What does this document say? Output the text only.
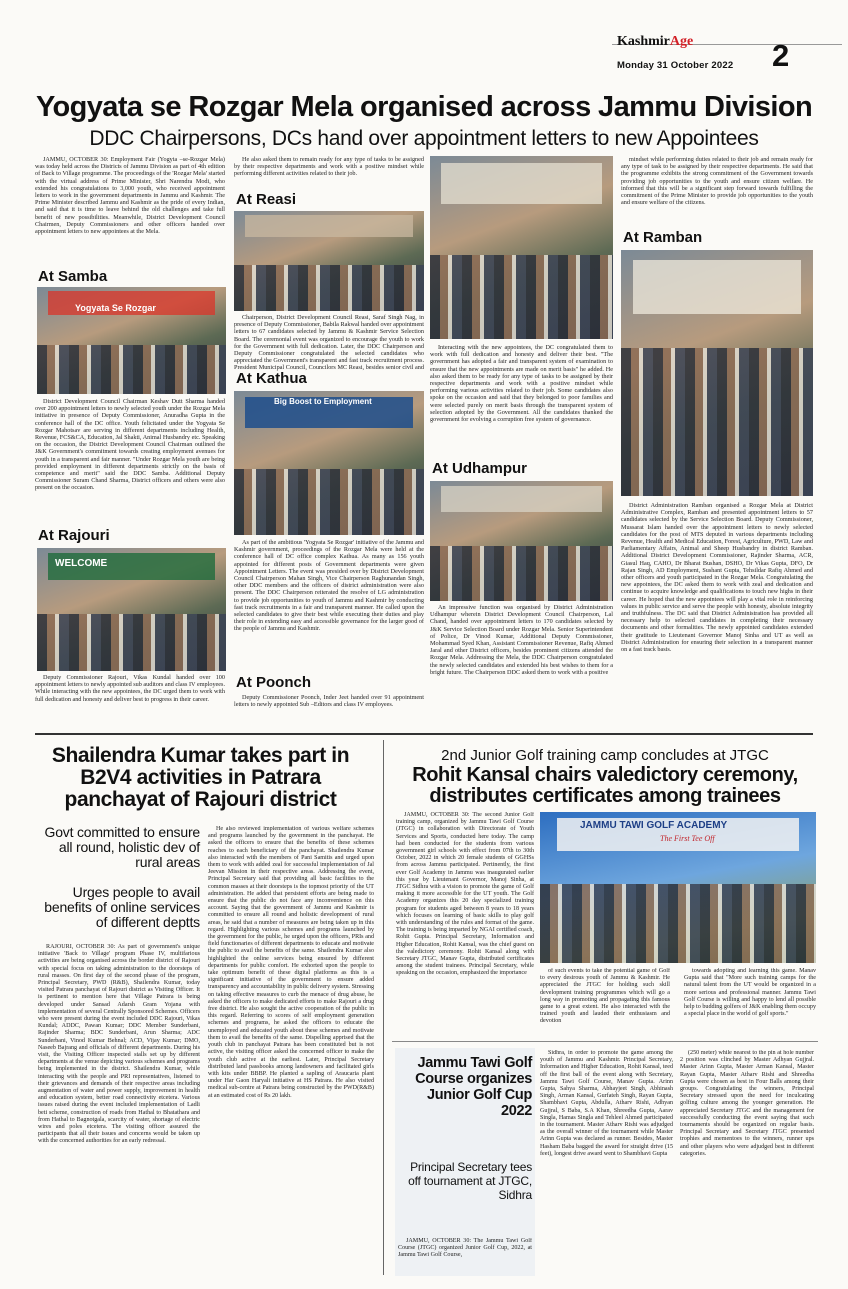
KashmirAge
Monday 31 October 2022 2
Yogyata se Rozgar Mela organised across Jammu Division
DDC Chairpersons, DCs hand over appointment letters to new Appointees

JAMMU, OCTOBER 30: Employment Fair (Yogyta –se-Rozgar Mela) was today held across the Districts of Jammu Division as part of 4th edition of Back to Village programme. The proceedings of the 'Rozgar Mela' started with the virtual address of Prime Minister, Shri Narendra Modi, who extended his congratulations to 3,000 youth, who received appointment letters to work in the government departments in Jammu and Kashmir. The Prime Minister described Jammu and Kashmir as the pride of every Indian, and said that it is time to leave behind the old challenges and take full benefit of new possibilities. Meanwhile, District Development Council Chairmen, Deputy Commissioners and other officers handed over appointment letters to new appointees at the Mela.

At Samba
Yogyata Se Rozgar

District Development Council Chairman Keshav Dutt Sharma handed over 200 appointment letters to newly selected youth under the Rozgar Mela initiative in presence of Deputy Commissioner, Anuradha Gupta in the conference hall of the DC office. Youth felicitated under the Yogyata Se Rozgar Mahotsav are serving in different departments including Health, Revenue, FCS&CA, Education, Jal Shakti, Animal Husbandry etc. Speaking on the occasion, the District Development Council Chairman outlined the J&K Government's commitment towards creating employment avenues for youth in a transparent and fair manner. "Under Rozgar Mela youth are being provided employment in different departments strictly on the basis of competence and merit" said the DDC Samba. Additional Deputy Commissioner Suram Chand Sharma, District officers and others were also present on the occasion.

At Rajouri
WELCOME

Deputy Commissioner Rajouri, Vikas Kundal handed over 100 appointment letters to newly appointed sub auditors and class IV employees. While interacting with the new appointees, the DC urged them to work with full dedication and honesty and deliver best to progress in their career.

He also asked them to remain ready for any type of tasks to be assigned by their respective departments and work with a positive mindset while performing different activities related to their job.

At Reasi

Chairperson, District Development Council Reasi, Saraf Singh Nag, in presence of Deputy Commissioner, Babila Rakwal handed over appointment letters to 67 candidates selected by Jammu & Kashmir Service Selection Board. The ceremonial event was organized to encourage the youth to work for the Government with full dedication. Later, the DDC Chairperson and Deputy Commissioner congratulated the selected candidates who appreciated the Government's transparent and fast track recruitment process. President Municipal Council, Councilors MC Reasi, besides senior civil and

At Kathua
Big Boost to Employment

As part of the ambitious 'Yogyata Se Rozgar' initiative of the Jammu and Kashmir government, proceedings of the Rozgar Mela were held at the conference hall of DC office complex Kathua. As many as 156 youth appointed for different posts of Government departments were given Appointment Letters. The event was presided over by District Development Council Chairperson Mahan Singh, Vice Chairperson Raghunandan Singh, other DDC members and the officers of district administration were also present. The DDC Chairperson reiterated the resolve of LG administration to provide job opportunities to youth of Jammu and Kashmir by conducting fast track recruitments in a fair and transparent manner. He called upon the selected candidates to give their best while executing their duties and play their role in extending easy and accessible governance for the larger good of the people of Jammu and Kashmir.

At Poonch

Deputy Commissioner Poonch, Inder Jeet handed over 91 appointment letters to newly appointed Sub –Editors and class IV employees.

Interacting with the new appointees, the DC congratulated them to work with full dedication and honesty and deliver their best. "The government has adopted a fair and transparent system of examination to ensure that the new appointments are made on merit basis" he added. He also asked them to be ready for any type of tasks to be assigned by their respective departments and work with a positive mindset while performing various activities related to their job. Some candidates also spoke on the occasion and said that they belonged to poor families and were selected purely on merit basis through the transparent system of selection adopted by the Government. All the candidates thanked the government for evolving a corruption free system of governance.

At Udhampur

An impressive function was organised by District Administration Udhampur wherein District Development Council Chairperson, Lal Chand, handed over appointment letters to 170 candidates selected by J&K Service Selection Board under Rozgar Mela. Senior Superintendent of Police, Dr Vinod Kumar, Additional Deputy Commissioner, Mohammad Syed Khan, Assistant Commissioner Revenue, Rafiq Ahmed Jaral and other District officers, besides prominent citizens attended the Rozgar Mela. Addressing the Mela, the DDC Chairperson congratulated the newly selected candidates and extended his best wishes to them for a bright future. The Chairperson DDC asked them to work with a positive

mindset while performing duties related to their job and remain ready for any type of task to be assigned by their respective departments. He said that the programme exhibits the strong commitment of the Government towards providing job opportunities to the youth and ensure citizen welfare. He informed that this will be a significant step forward towards fulfilling the commitment of the Prime Minister to provide job opportunities to the youth and ensure welfare of the citizens.

At Ramban

District Administration Ramban organised a Rozgar Mela at District Administrative Complex, Ramban and presented appointment letters to 57 candidates selected by the Service Selection Board. Deputy Commissioner, Mussarat Islam handed over the appointment letters to newly selected candidates for the post of MTS deputed in various departments including Revenue, Health and Medical Education, Forest, Agriculture, PWD, Law and Parliamentary Affairs, Animal and Sheep Husbandry in district Ramban. Additional District Development Commissioner, Rajinder Sharma, ACR, Giasul Haq, CAHO, Dr Bharat Bushan, DSHO, Dr Vikas Gupta, DFO, Dr Rajan Singh, AD Employment, Sushant Gupta, Tehsildar Rafiq Ahmed and other officers and youth participated in the Rozgar Mela. Congratulating the new appointees, the DC asked them to work with zeal and dedication and continue to acquire knowledge and qualifications to touch new highs in their career. He hoped that the new appointees will play a vital role in reinforcing values in public service and serve the people with honesty, absolute integrity and truthfulness. The DC said that District Administration has provided all necessary help to selected candidates in completing their necessary documents and other formalities. The newly appointed candidates extended their gratitude to Lieutenant Governor Manoj Sinha and UT as well as District Administration for ensuring their selection in a transparent manner on a fast track basis.

Shailendra Kumar takes part in B2V4 activities in Patrara panchayat of Rajouri district
Govt committed to ensure all round, holistic dev of rural areas
Urges people to avail benefits of online services of different deptts

RAJOURI, OCTOBER 30: As part of government's unique initiative 'Back to Village' program Phase IV, multifarious activities are being organised across the border district of Rajouri with special focus on taking administration to the doorsteps of rural masses. On first day of the second phase of the program, Principal Secretary, PWD (R&B), Shailendra Kumar, today visited Patrara panchayat of Rajouri district as Visiting Officer. It is pertinent to mention here that Village Patrara is being developed under Sansad Adarsh Gram Yojana with implementation of several Centrally Sponsored Schemes. Officers who were present during the event included DDC Rajouri, Vikas Kundal; ADDC, Pawan Kumar; DDC Member Sunderbani, Rajinder Sharma; BDC Sunderbani, Arun Sharma; ADC Sunderbani, Vinod Kumar Behnal; ACD, Vijay Kumar; DMO, Naseeb Bajrang and officials of different departments. During his visit, the Visiting Officer inspected stalls set up by different departments at the venue depicting various schemes and programs being implemented in the district. Shailendra Kumar, while interacting with the people and PRI representatives, listened to their grievances and demands of their respective areas including augmentation of water and power supply, improvement in health and education system, better road connectivity etcetera. Various issues raised during the event included implementation of Ladli beti scheme, construction of roads from Hathal to Bhatathara and from Hathal to Bagnotgala, scarcity of water, shortage of electric wires and poles etcetera. The visiting officer assured the participants that all their issues and concerns would be taken up with the concerned authorities for an early redressal.

He also reviewed implementation of various welfare schemes and programs launched by the government in the panchayat. He asked the officers to ensure that the benefits of these schemes reaches to each beneficiary of the panchayat. Shailendra Kumar also interacted with the members of Pani Samitis and urged upon them to work with added zeal for successful implementation of Jal Jeevan Mission in their respective areas. Addressing the event, Principal Secretary said that providing all basic facilities to the common masses at their doorsteps is the topmost priority of the UT administration. He added that persistent efforts are being made to ensure that the public do not face any inconvenience on this account. Saying that the government of Jammu and Kashmir is committed to ensure all round and holistic development of rural areas, he said that a number of measures are being taken up in this regard. Highlighting various schemes and programs launched by the government for the public, he urged upon the officers, PRIs and field functionaries of different departments to educate and motivate the public to avail the benefits of the same. Shailendra Kumar also highlighted the online services being ensured by different departments for public comfort. He exhorted upon the people to take optimum benefit of these digital platforms as this is a significant initiative of the government to ensure added transparency and accountability in public delivery system. Stressing on taking effective measures to curb the menace of drug abuse, he asked the officers to make dedicated efforts to make Rajouri a drug free district. He also sought the active cooperation of the public in this regard. Referring to scores of self employment generation schemes and programs, he asked the officers to educate the unemployed and educated youth about these schemes and motivate them to avail the benefits of the same. Dispelling apprised that the youth club in panchayat Patrara has been constituted but is not active, the visiting officer asked the concerned officer to make the youth club active at the earliest. Later, Principal Secretary distributed land passbooks among landowners and facilitated girls with kits under BBBP. He planted a sapling of Araucaria plant under Har Gaon Haryali initiative at HS Patrara. He also visited medical sub-centre at Patrara being constructed by the PWD(R&B) at an estimated cost of Rs 20 lakh.

2nd Junior Golf training camp concludes at JTGC
Rohit Kansal chairs valedictory ceremony, distributes certificates among trainees

JAMMU, OCTOBER 30: The second Junior Golf training camp, organized by Jammu Tawi Golf Course (JTGC) in collaboration with Directorate of Youth Services and Sports, conducted here today. The camp had been conducted for the students from various government girl schools with effect from 07th to 30th October, 2022 in which 20 female students of GGHSs from across Jammu participated. Pertinently, the first ever Golf Academy in Jammu was inaugurated earlier this year by Lieutenant Governor, Manoj Sinha, at JTGC Sidhra with a vision to promote the game of Golf making it more accessible for the UT youth. The Golf Academy organizes this 20 day specialized training program for students aged between 8 years to 18 years which focuses on learning of basic skills to play golf with understanding of the rules and format of the game. The training is being imparted by NGAI certified coach, Rohit Gupta. Principal Secretary, Information and Higher Education, Rohit Kansal, was the chief guest on the valedictory ceremony. Rohit Kansal along with Secretary JTGC, Manav Gupta, distributed certificates among the student trainees. Principal Secretary, while speaking on the occasion, emphasized the importance

JAMMU TAWI GOLF ACADEMY
The First Tee Off

of such events to take the potential game of Golf to every desirous youth of Jammu & Kashmir. He appreciated the JTGC for holding such skill development training programmes which will go a long way in promoting and propagating this famous game to a great extent. He also interacted with the trained youth and lauded their enthusiasm and devotion

towards adopting and learning this game. Manav Gupta said that "More such training camps for the natural talent from the UT would be organized in a more serious and professional manner. Jammu Tawi Golf Course is willing and happy to lend all possible help to budding golfers of J&K enabling them occupy a special place in the world of golf sports."

Jammu Tawi Golf Course organizes Junior Golf Cup 2022
Principal Secretary tees off tournament at JTGC, Sidhra

JAMMU, OCTOBER 30: The Jammu Tawi Golf Course (JTGC) organized Junior Golf Cup, 2022, at Jammu Tawi Golf Course,

Sidhra, in order to promote the game among the youth of Jammu and Kashmir. Principal Secretary, Information and Higher Education, Rohit Kansal, teed off the first ball of the event along with Secretary, Jammu Tawi Golf Course, Manav Gupta. Arinn Gupta, Sahya Sharma, Abhayjeet Singh, Abhinash Singh, Arman Kansal, Gurfateh Singh, Rayan Gupta, Shambhavi Gupta, Abdulla, Atharv Rishi, Adhyan Gujjral, S Baba, S.A Khan, Shreedha Gupta, Aarav Singla, Hamas Singla and Tehleel Ahmed participated in the tournament. Master Atharv Rishi was adjudged as the overall winner of the tournament while Master Arinn Gupta was declared as runner. Besides, Master Hasham Baba bagged the award for straight drive (15 feet), longest drive award went to Shambhavi Gupta

(250 meter) while nearest to the pin at hole number 2 position was clinched by Master Adhyan Gujjral. Master Arinn Gupta, Master Arman Kansal, Master Rayan Gupta, Master Atharv Rishi and Shreedha Gupta were chosen as best in Four Balls among their groups. Congratulating the winners, Principal Secretary stressed upon the need for inculcating golfing culture among the younger generation. He appreciated Secretary JTGC and the management for successfully conducting the event saying that such tournaments should be organized on regular basis. Principal Secretary and Secretary JTGC presented trophies and mementoes to the winners, runner ups and other players who were adjudged best in different categories.
